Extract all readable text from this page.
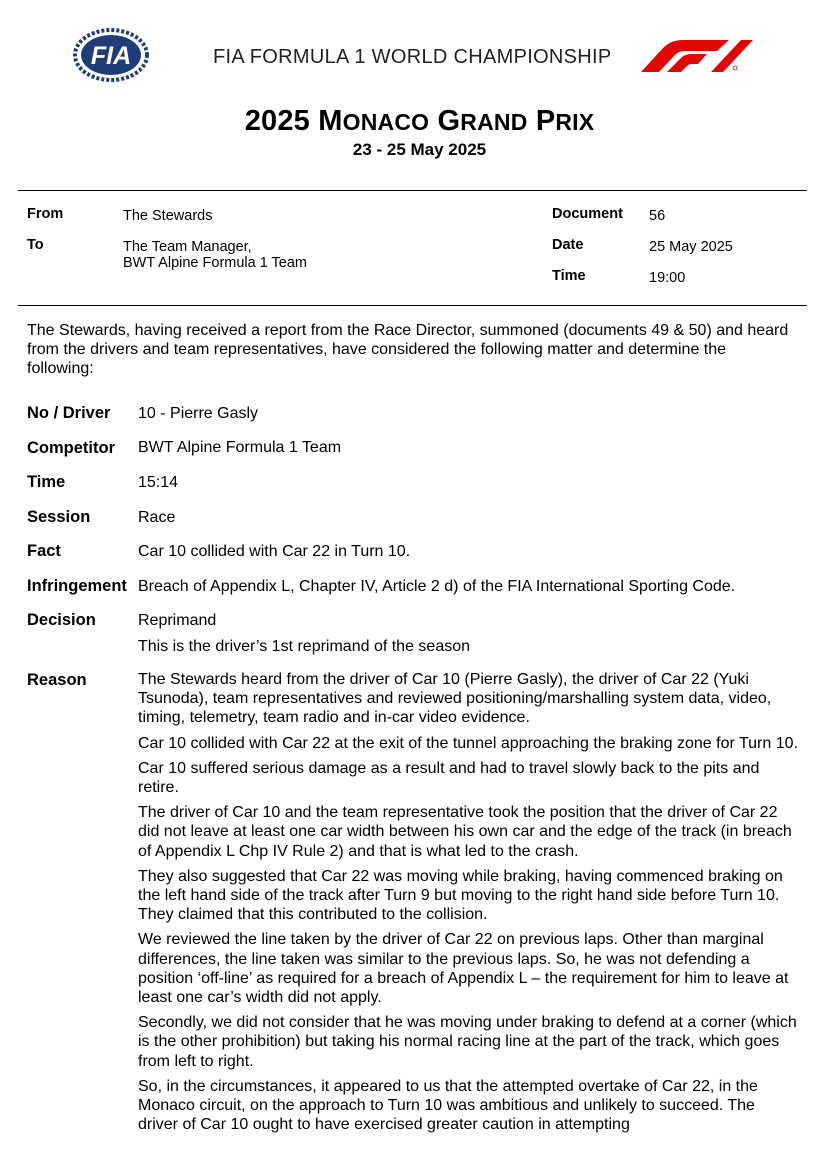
FIA	FIA FORMULA 1 WORLD CHAMPIONSHIP
2025 MONACO GRAND PRIX
23 - 25 May 2025
From	The Stewards
To	The Team Manager,
BWT Alpine Formula 1 Team
Document 56
Date	25 May 2025
Time	19:00
The Stewards, having received a report from the Race Director, summoned (documents 49 & 50) and heard from the drivers and team representatives, have considered the following matter and determine the following:
No / Driver 10 - Pierre Gasly
Competitor BWT Alpine Formula 1 Team
Time	15:14
Session	Race
Fact	Car 10 collided with Car 22 in Turn 10.
Infringement Breach of Appendix L, Chapter IV, Article 2 d) of the FIA International Sporting Code.
Decision	Reprimand
This is the driver’s 1st reprimand of the season
Reason	The Stewards heard from the driver of Car 10 (Pierre Gasly), the driver of Car 22 (Yuki Tsunoda), team representatives and reviewed positioning/marshalling system data, video, timing, telemetry, team radio and in-car video evidence.

Car 10 collided with Car 22 at the exit of the tunnel approaching the braking zone for Turn 10.

Car 10 suffered serious damage as a result and had to travel slowly back to the pits and retire.

The driver of Car 10 and the team representative took the position that the driver of Car 22 did not leave at least one car width between his own car and the edge of the track (in breach of Appendix L Chp IV Rule 2) and that is what led to the crash.

They also suggested that Car 22 was moving while braking, having commenced braking on the left hand side of the track after Turn 9 but moving to the right hand side before Turn 10. They claimed that this contributed to the collision.

We reviewed the line taken by the driver of Car 22 on previous laps. Other than marginal differences, the line taken was similar to the previous laps. So, he was not defending a position ‘off-line’ as required for a breach of Appendix L – the requirement for him to leave at least one car’s width did not apply.

Secondly, we did not consider that he was moving under braking to defend at a corner (which is the other prohibition) but taking his normal racing line at the part of the track, which goes from left to right.

So, in the circumstances, it appeared to us that the attempted overtake of Car 22, in the Monaco circuit, on the approach to Turn 10 was ambitious and unlikely to succeed. The driver of Car 10 ought to have exercised greater caution in attempting
